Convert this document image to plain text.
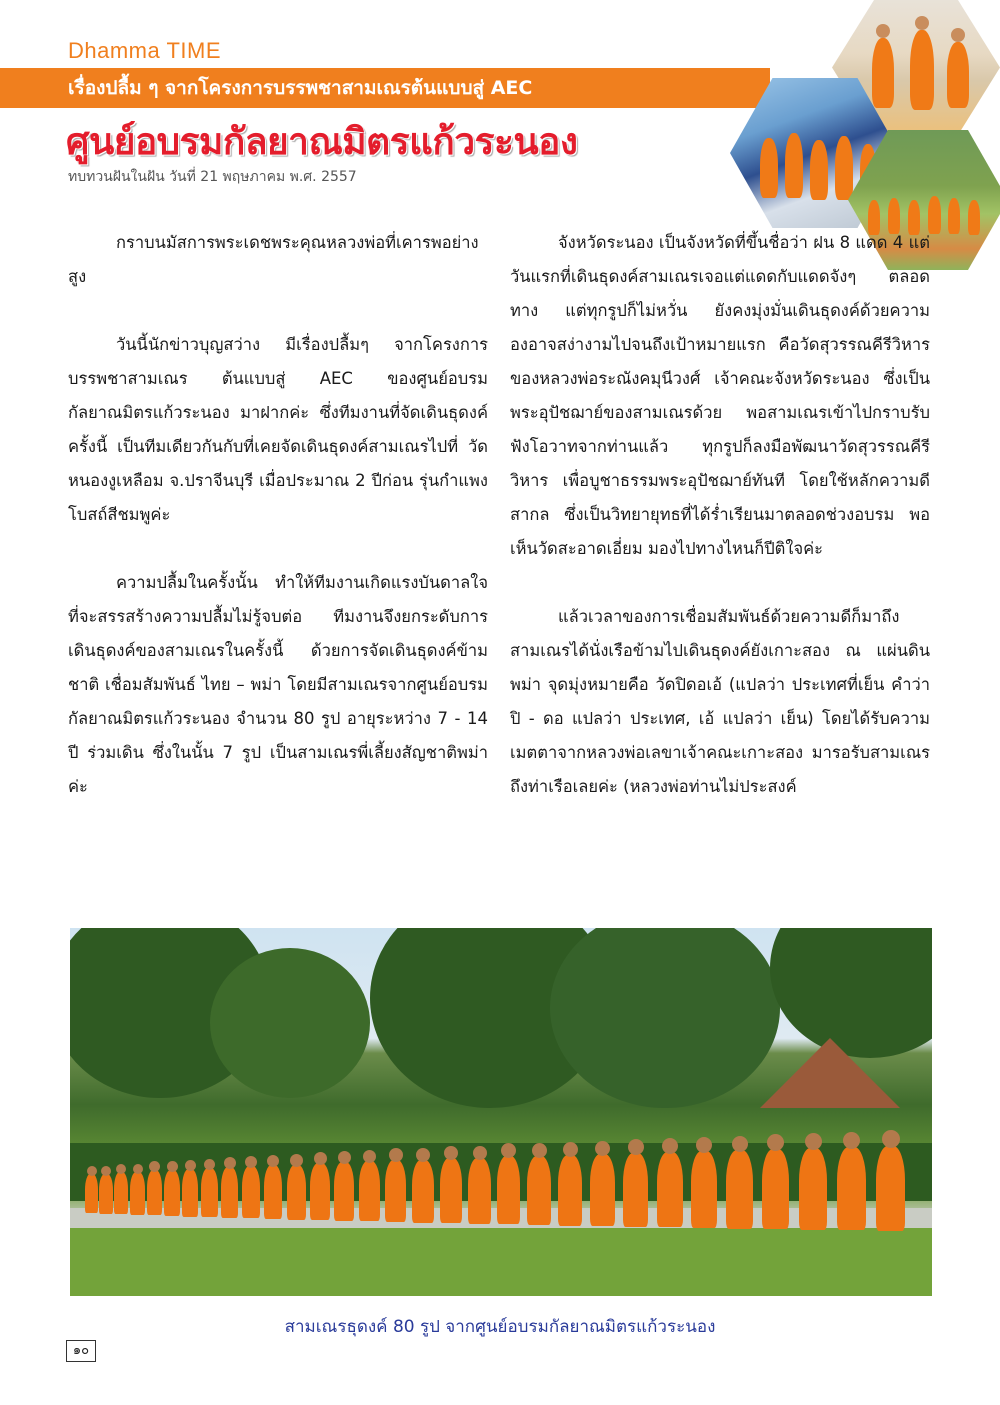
Dhamma TIME
เรื่องปลื้ม ๆ จากโครงการบรรพชาสามเณรต้นแบบสู่ AEC
ศูนย์อบรมกัลยาณมิตรแก้วระนอง
ทบทวนฝันในฝัน วันที่ 21 พฤษภาคม พ.ศ. 2557

กราบนมัสการพระเดชพระคุณหลวงพ่อที่เคารพอย่างสูง

วันนี้นักข่าวบุญสว่าง มีเรื่องปลื้มๆ จากโครงการบรรพชาสามเณร ต้นแบบสู่ AEC ของศูนย์อบรม กัลยาณมิตรแก้วระนอง มาฝากค่ะ ซึ่งทีมงานที่จัดเดินธุดงค์ครั้งนี้ เป็นทีมเดียวกันกับที่เคยจัดเดินธุดงค์สามเณรไปที่ วัดหนองงูเหลือม จ.ปราจีนบุรี เมื่อประมาณ 2 ปีก่อน รุ่นกำแพงโบสถ์สีชมพูค่ะ

ความปลื้มในครั้งนั้น ทำให้ทีมงานเกิดแรงบันดาลใจ ที่จะสรรสร้างความปลื้มไม่รู้จบต่อ ทีมงานจึงยกระดับการเดินธุดงค์ของสามเณรในครั้งนี้ ด้วยการจัดเดินธุดงค์ข้ามชาติ เชื่อมสัมพันธ์ ไทย – พม่า โดยมีสามเณรจากศูนย์อบรม กัลยาณมิตรแก้วระนอง จำนวน 80 รูป อายุระหว่าง 7 - 14 ปี ร่วมเดิน ซึ่งในนั้น 7 รูป เป็นสามเณรพี่เลี้ยงสัญชาติพม่าค่ะ

จังหวัดระนอง เป็นจังหวัดที่ขึ้นชื่อว่า ฝน 8 แดด 4 แต่วันแรกที่เดินธุดงค์สามเณรเจอแต่แดดกับแดดจังๆ ตลอดทาง แต่ทุกรูปก็ไม่หวั่น ยังคงมุ่งมั่นเดินธุดงค์ด้วยความองอาจสง่างามไปจนถึงเป้าหมายแรก คือวัดสุวรรณคีรีวิหาร ของหลวงพ่อระณังคมุนีวงศ์ เจ้าคณะจังหวัดระนอง ซึ่งเป็นพระอุปัชฌาย์ของสามเณรด้วย พอสามเณรเข้าไปกราบรับฟังโอวาทจากท่านแล้ว ทุกรูปก็ลงมือพัฒนาวัดสุวรรณคีรีวิหาร เพื่อบูชาธรรมพระอุปัชฌาย์ทันที โดยใช้หลักความดีสากล ซึ่งเป็นวิทยายุทธที่ได้ร่ำเรียนมาตลอดช่วงอบรม พอเห็นวัดสะอาดเอี่ยม มองไปทางไหนก็ปีติใจค่ะ

แล้วเวลาของการเชื่อมสัมพันธ์ด้วยความดีก็มาถึง สามเณรได้นั่งเรือข้ามไปเดินธุดงค์ยังเกาะสอง ณ แผ่นดินพม่า จุดมุ่งหมายคือ วัดปิดอเอ้ (แปลว่า ประเทศที่เย็น คำว่า ปิ - ดอ แปลว่า ประเทศ, เอ้ แปลว่า เย็น) โดยได้รับความเมตตาจากหลวงพ่อเลขาเจ้าคณะเกาะสอง มารอรับสามเณรถึงท่าเรือเลยค่ะ (หลวงพ่อท่านไม่ประสงค์

สามเณรธุดงค์ 80 รูป จากศูนย์อบรมกัลยาณมิตรแก้วระนอง
๑๐
